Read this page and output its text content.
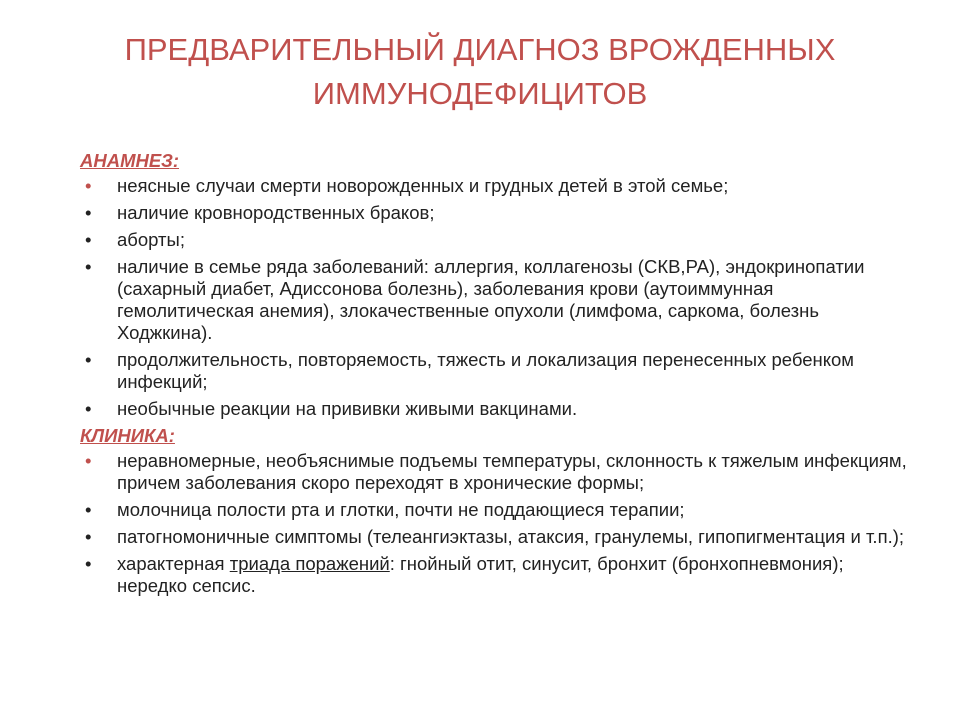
ПРЕДВАРИТЕЛЬНЫЙ ДИАГНОЗ ВРОЖДЕННЫХ
ИММУНОДЕФИЦИТОВ
АНАМНЕЗ:
• неясные случаи смерти новорожденных и грудных детей в этой семье;
• наличие кровнородственных браков;
• аборты;
• наличие в семье ряда заболеваний: аллергия, коллагенозы (СКВ,РА), эндокринопатии (сахарный диабет, Адиссонова болезнь), заболевания крови (аутоиммунная гемолитическая анемия), злокачественные опухоли (лимфома, саркома, болезнь Ходжкина).
• продолжительность, повторяемость, тяжесть и локализация перенесенных ребенком инфекций;
• необычные реакции на прививки живыми вакцинами.
КЛИНИКА:
• неравномерные, необъяснимые подъемы температуры, склонность к тяжелым инфекциям, причем заболевания скоро переходят в хронические формы;
• молочница полости рта и глотки, почти не поддающиеся терапии;
• патогномоничные симптомы (телеангиэктазы, атаксия, гранулемы, гипопигментация и т.п.);
• характерная триада поражений: гнойный отит, синусит, бронхит (бронхопневмония); нередко сепсис.
